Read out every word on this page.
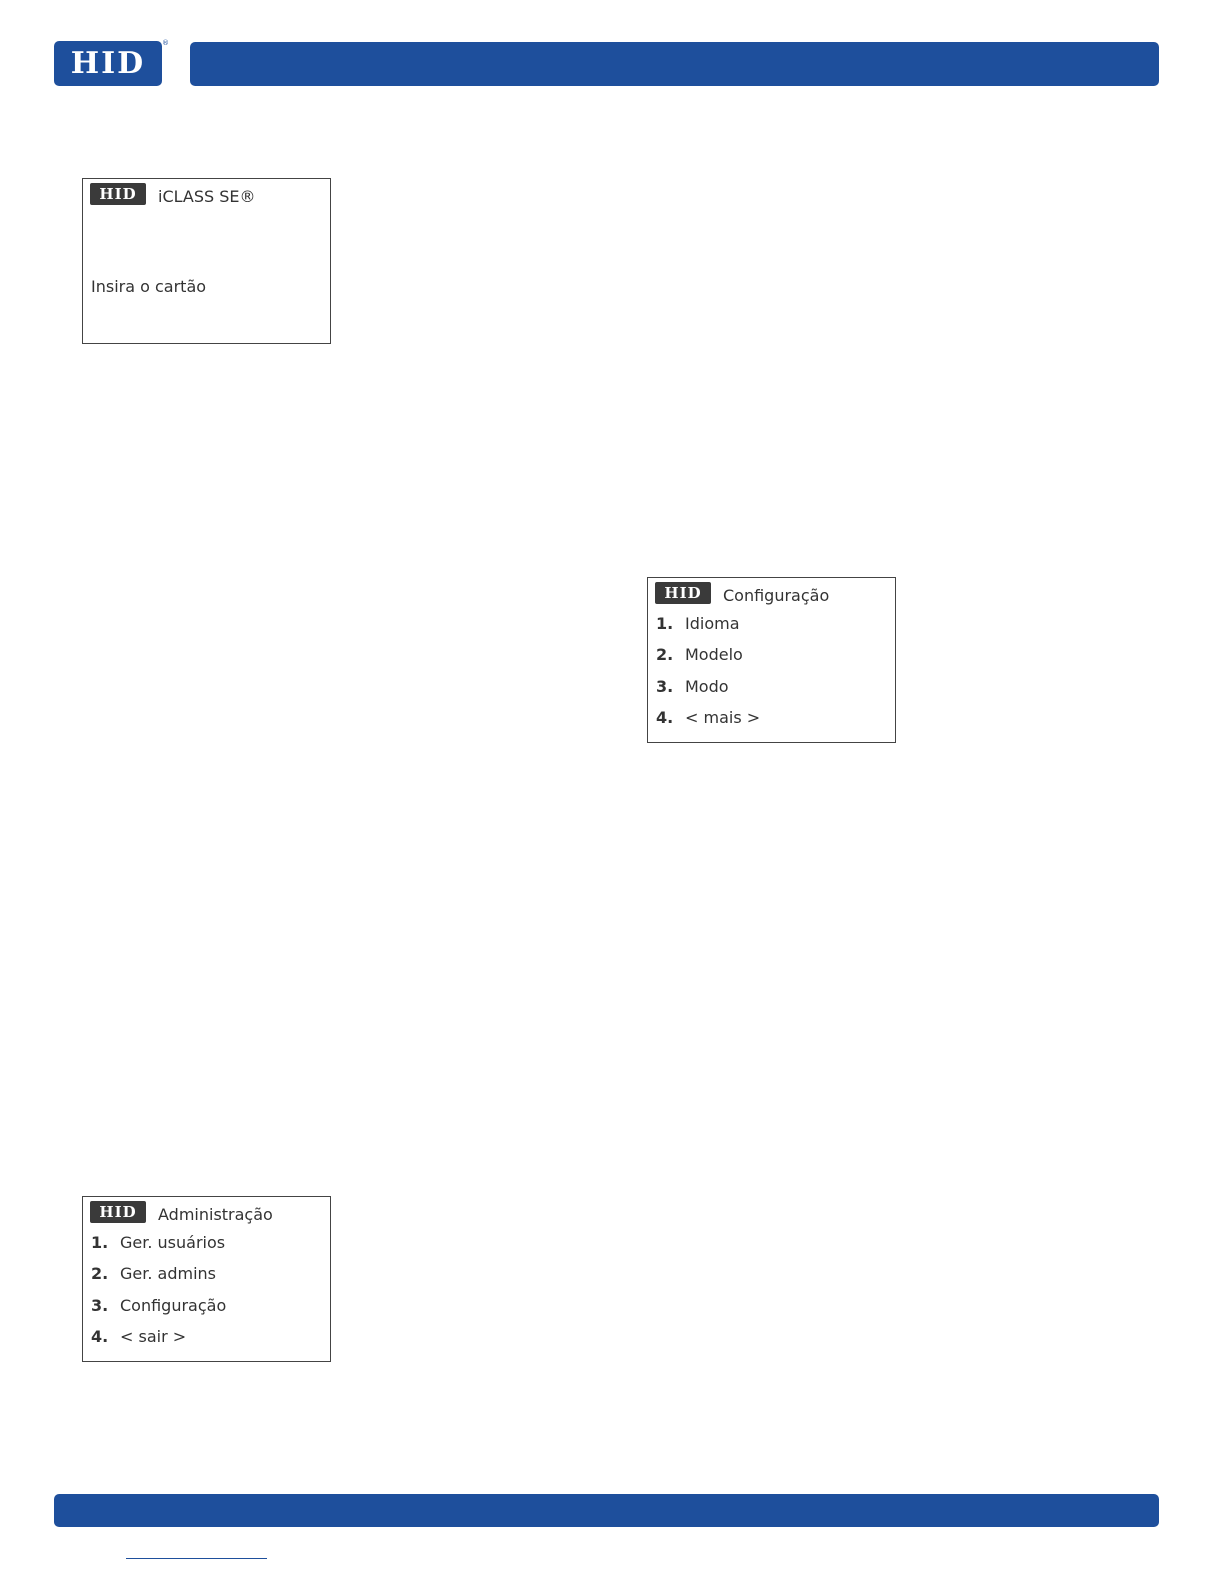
HID
®
HID	iCLASS SE®
Insira o cartão
HID	Configuração
1. Idioma
2. Modelo
3. Modo
4. < mais >
HID	Administração
1. Ger. usuários
2. Ger. admins
3. Configuração
4. < sair >
